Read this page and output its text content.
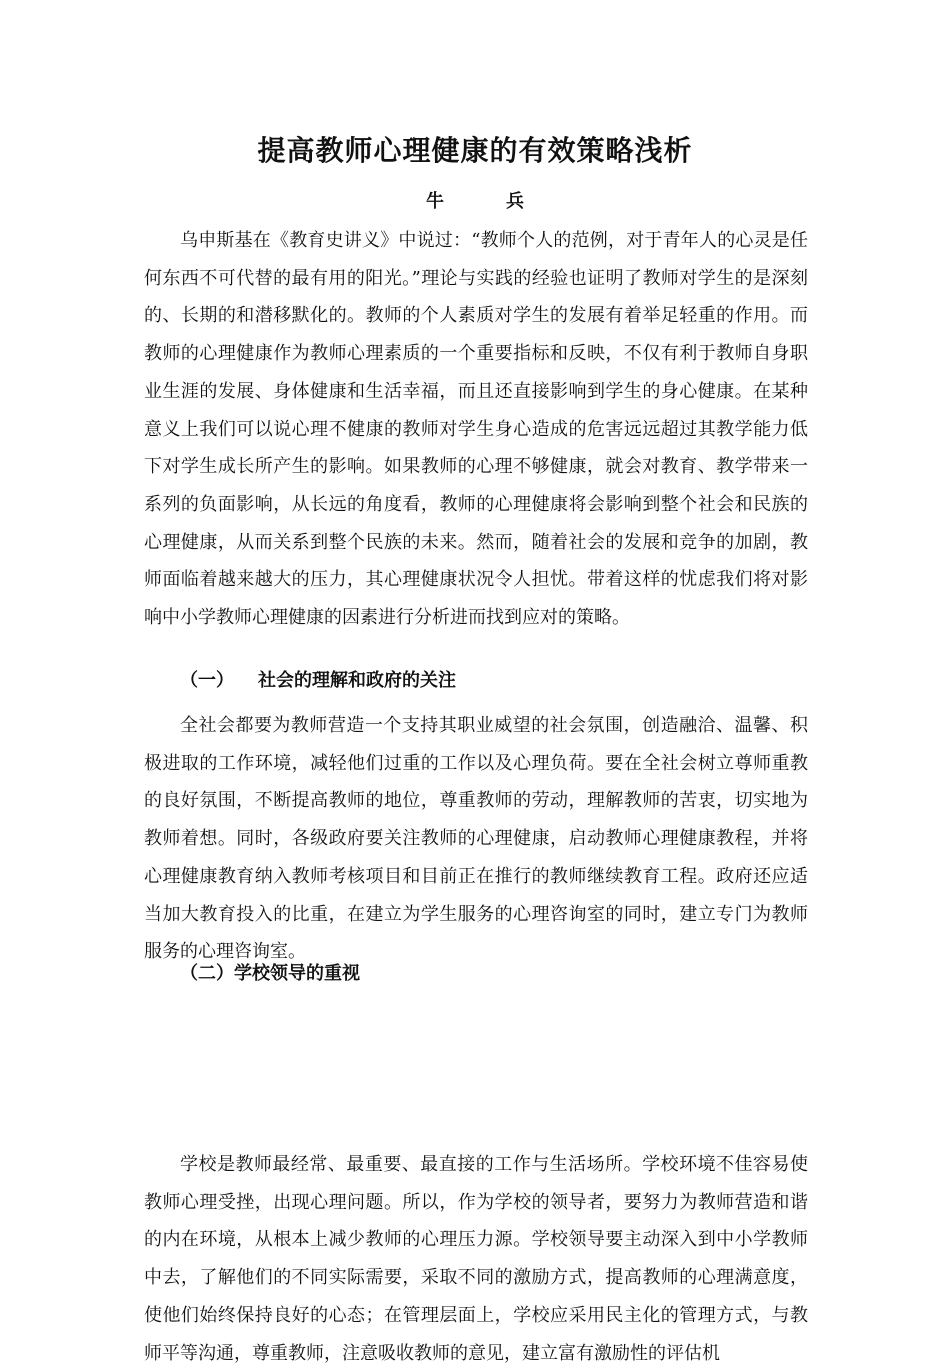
提高教师心理健康的有效策略浅析

牛　兵

乌申斯基在《教育史讲义》中说过：“教师个人的范例，对于青年人的心灵是任何东西不可代替的最有用的阳光。”理论与实践的经验也证明了教师对学生的是深刻的、长期的和潜移默化的。教师的个人素质对学生的发展有着举足轻重的作用。而教师的心理健康作为教师心理素质的一个重要指标和反映，不仅有利于教师自身职业生涯的发展、身体健康和生活幸福，而且还直接影响到学生的身心健康。在某种意义上我们可以说心理不健康的教师对学生身心造成的危害远远超过其教学能力低下对学生成长所产生的影响。如果教师的心理不够健康，就会对教育、教学带来一系列的负面影响，从长远的角度看，教师的心理健康将会影响到整个社会和民族的心理健康，从而关系到整个民族的未来。然而，随着社会的发展和竞争的加剧，教师面临着越来越大的压力，其心理健康状况令人担忧。带着这样的忧虑我们将对影响中小学教师心理健康的因素进行分析进而找到应对的策略。

（一） 社会的理解和政府的关注

全社会都要为教师营造一个支持其职业威望的社会氛围，创造融洽、温馨、积极进取的工作环境，减轻他们过重的工作以及心理负荷。要在全社会树立尊师重教的良好氛围，不断提高教师的地位，尊重教师的劳动，理解教师的苦衷，切实地为教师着想。同时，各级政府要关注教师的心理健康，启动教师心理健康教程，并将心理健康教育纳入教师考核项目和目前正在推行的教师继续教育工程。政府还应适当加大教育投入的比重，在建立为学生服务的心理咨询室的同时，建立专门为教师服务的心理咨询室。

（二）学校领导的重视

学校是教师最经常、最重要、最直接的工作与生活场所。学校环境不佳容易使教师心理受挫，出现心理问题。所以，作为学校的领导者，要努力为教师营造和谐的内在环境，从根本上减少教师的心理压力源。学校领导要主动深入到中小学教师中去，了解他们的不同实际需要，采取不同的激励方式，提高教师的心理满意度，使他们始终保持良好的心态；在管理层面上，学校应采用民主化的管理方式，与教师平等沟通，尊重教师，注意吸收教师的意见，建立富有激励性的评估机
